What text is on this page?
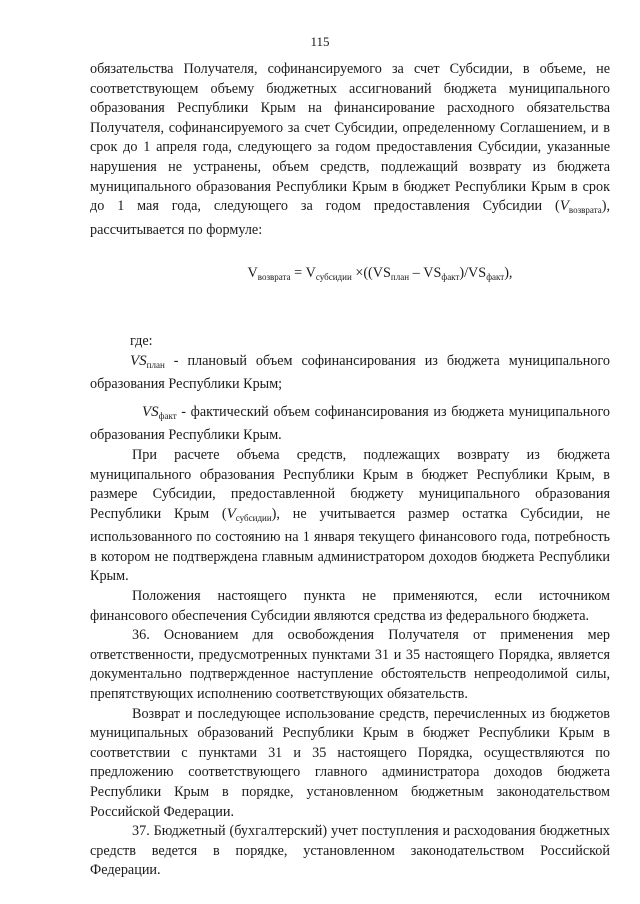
115

обязательства Получателя, софинансируемого за счет Субсидии, в объеме, не соответствующем объему бюджетных ассигнований бюджета муниципального образования Республики Крым на финансирование расходного обязательства Получателя, софинансируемого за счет Субсидии, определенному Соглашением, и в срок до 1 апреля года, следующего за годом предоставления Субсидии, указанные нарушения не устранены, объем средств, подлежащий возврату из бюджета муниципального образования Республики Крым в бюджет Республики Крым в срок до 1 мая года, следующего за годом предоставления Субсидии $(V_{возврата})$, рассчитывается по формуле:

$V_{возврата} = V_{субсидии} \times((VS_{план} - VS_{факт})/VS_{факт})$,

где:

$VS_{план}$ - плановый объем софинансирования из бюджета муниципального образования Республики Крым;

$VS_{факт}$ - фактический объем софинансирования из бюджета муниципального образования Республики Крым.

При расчете объема средств, подлежащих возврату из бюджета муниципального образования Республики Крым в бюджет Республики Крым, в размере Субсидии, предоставленной бюджету муниципального образования Республики Крым $(V_{субсидии})$, не учитывается размер остатка Субсидии, не использованного по состоянию на 1 января текущего финансового года, потребность в котором не подтверждена главным администратором доходов бюджета Республики Крым.

Положения настоящего пункта не применяются, если источником финансового обеспечения Субсидии являются средства из федерального бюджета.

36. Основанием для освобождения Получателя от применения мер ответственности, предусмотренных пунктами 31 и 35 настоящего Порядка, является документально подтвержденное наступление обстоятельств непреодолимой силы, препятствующих исполнению соответствующих обязательств.

Возврат и последующее использование средств, перечисленных из бюджетов муниципальных образований Республики Крым в бюджет Республики Крым в соответствии с пунктами 31 и 35 настоящего Порядка, осуществляются по предложению соответствующего главного администратора доходов бюджета Республики Крым в порядке, установленном бюджетным законодательством Российской Федерации.

37. Бюджетный (бухгалтерский) учет поступления и расходования бюджетных средств ведется в порядке, установленном законодательством Российской Федерации.
